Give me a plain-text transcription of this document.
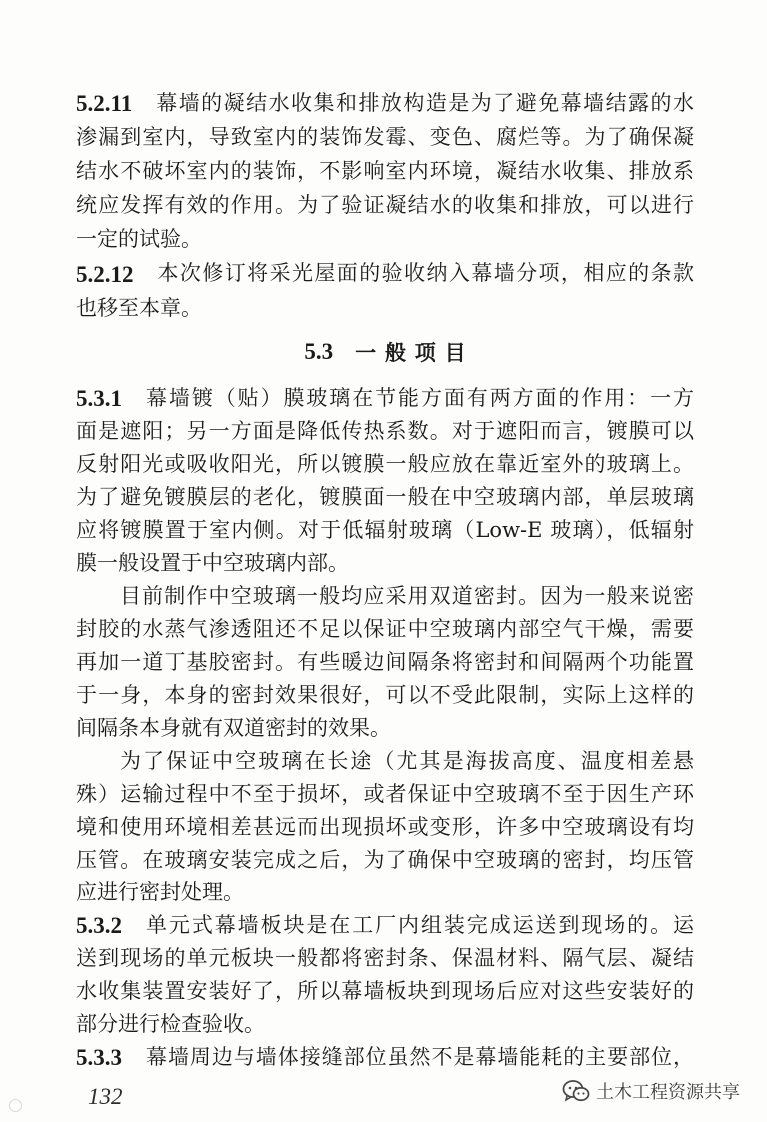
5.2.11 幕墙的凝结水收集和排放构造是为了避免幕墙结露的水
渗漏到室内，导致室内的装饰发霉、变色、腐烂等。为了确保凝
结水不破坏室内的装饰，不影响室内环境，凝结水收集、排放系
统应发挥有效的作用。为了验证凝结水的收集和排放，可以进行
一定的试验。
5.2.12 本次修订将采光屋面的验收纳入幕墙分项，相应的条款
也移至本章。
5.3 一般项目
5.3.1 幕墙镀（贴）膜玻璃在节能方面有两方面的作用：一方
面是遮阳；另一方面是降低传热系数。对于遮阳而言，镀膜可以
反射阳光或吸收阳光，所以镀膜一般应放在靠近室外的玻璃上。
为了避免镀膜层的老化，镀膜面一般在中空玻璃内部，单层玻璃
应将镀膜置于室内侧。对于低辐射玻璃（Low-E 玻璃），低辐射
膜一般设置于中空玻璃内部。
目前制作中空玻璃一般均应采用双道密封。因为一般来说密
封胶的水蒸气渗透阻还不足以保证中空玻璃内部空气干燥，需要
再加一道丁基胶密封。有些暖边间隔条将密封和间隔两个功能置
于一身，本身的密封效果很好，可以不受此限制，实际上这样的
间隔条本身就有双道密封的效果。
为了保证中空玻璃在长途（尤其是海拔高度、温度相差悬
殊）运输过程中不至于损坏，或者保证中空玻璃不至于因生产环
境和使用环境相差甚远而出现损坏或变形，许多中空玻璃设有均
压管。在玻璃安装完成之后，为了确保中空玻璃的密封，均压管
应进行密封处理。
5.3.2 单元式幕墙板块是在工厂内组装完成运送到现场的。运
送到现场的单元板块一般都将密封条、保温材料、隔气层、凝结
水收集装置安装好了，所以幕墙板块到现场后应对这些安装好的
部分进行检查验收。
5.3.3 幕墙周边与墙体接缝部位虽然不是幕墙能耗的主要部位，
132	土木工程资源共享
